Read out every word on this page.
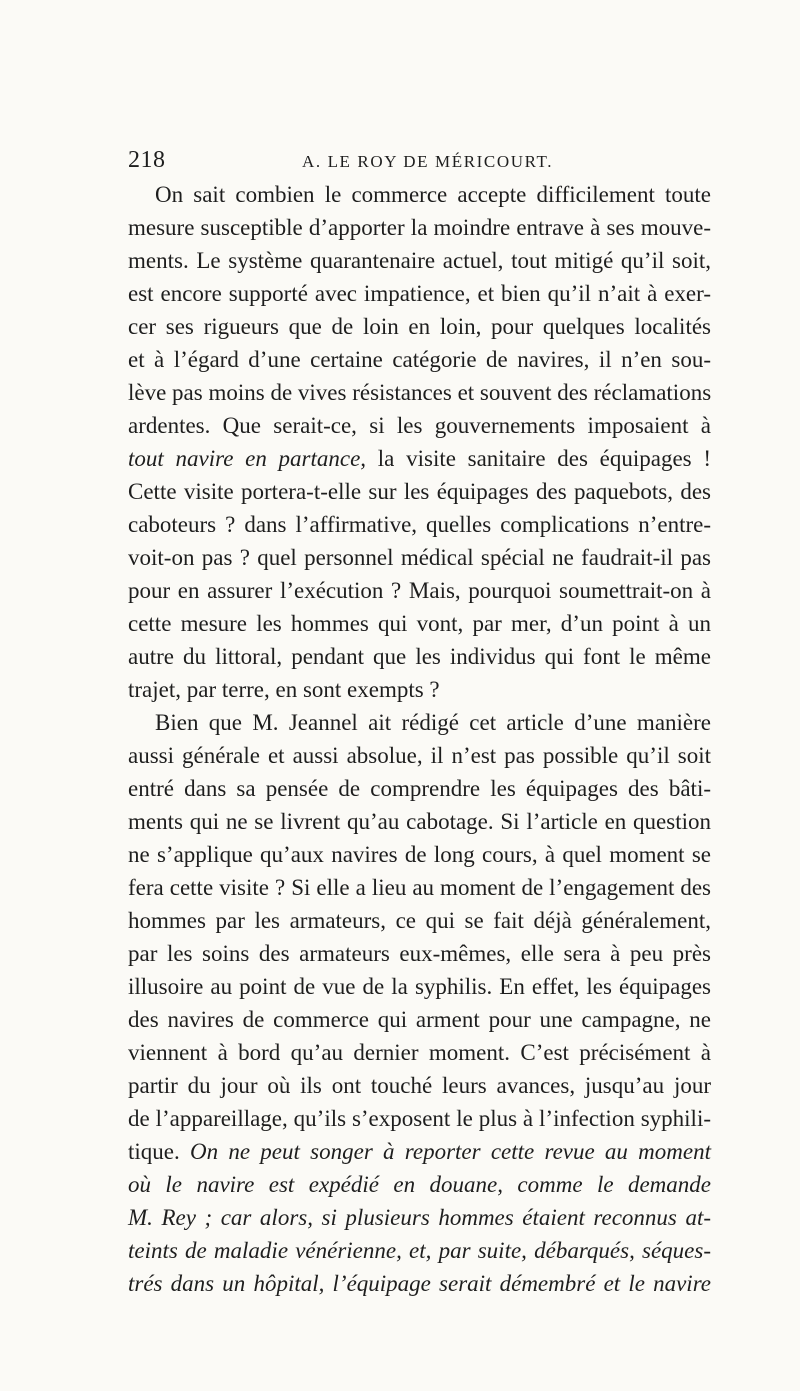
218	A. LE ROY DE MÉRICOURT.
On sait combien le commerce accepte difficilement toute
mesure susceptible d’apporter la moindre entrave à ses mouve-
ments. Le système quarantenaire actuel, tout mitigé qu’il soit,
est encore supporté avec impatience, et bien qu’il n’ait à exer-
cer ses rigueurs que de loin en loin, pour quelques localités
et à l’égard d’une certaine catégorie de navires, il n’en sou-
lève pas moins de vives résistances et souvent des réclamations
ardentes. Que serait-ce, si les gouvernements imposaient à
tout navire en partance, la visite sanitaire des équipages !
Cette visite portera-t-elle sur les équipages des paquebots, des
caboteurs ? dans l’affirmative, quelles complications n’entre-
voit-on pas ? quel personnel médical spécial ne faudrait-il pas
pour en assurer l’exécution ? Mais, pourquoi soumettrait-on à
cette mesure les hommes qui vont, par mer, d’un point à un
autre du littoral, pendant que les individus qui font le même
trajet, par terre, en sont exempts ?
Bien que M. Jeannel ait rédigé cet article d’une manière
aussi générale et aussi absolue, il n’est pas possible qu’il soit
entré dans sa pensée de comprendre les équipages des bâti-
ments qui ne se livrent qu’au cabotage. Si l’article en question
ne s’applique qu’aux navires de long cours, à quel moment se
fera cette visite ? Si elle a lieu au moment de l’engagement des
hommes par les armateurs, ce qui se fait déjà généralement,
par les soins des armateurs eux-mêmes, elle sera à peu près
illusoire au point de vue de la syphilis. En effet, les équipages
des navires de commerce qui arment pour une campagne, ne
viennent à bord qu’au dernier moment. C’est précisément à
partir du jour où ils ont touché leurs avances, jusqu’au jour
de l’appareillage, qu’ils s’exposent le plus à l’infection syphili-
tique. On ne peut songer à reporter cette revue au moment
où le navire est expédié en douane, comme le demande
M. Rey ; car alors, si plusieurs hommes étaient reconnus at-
teints de maladie vénérienne, et, par suite, débarqués, séques-
trés dans un hôpital, l’équipage serait démembré et le navire
